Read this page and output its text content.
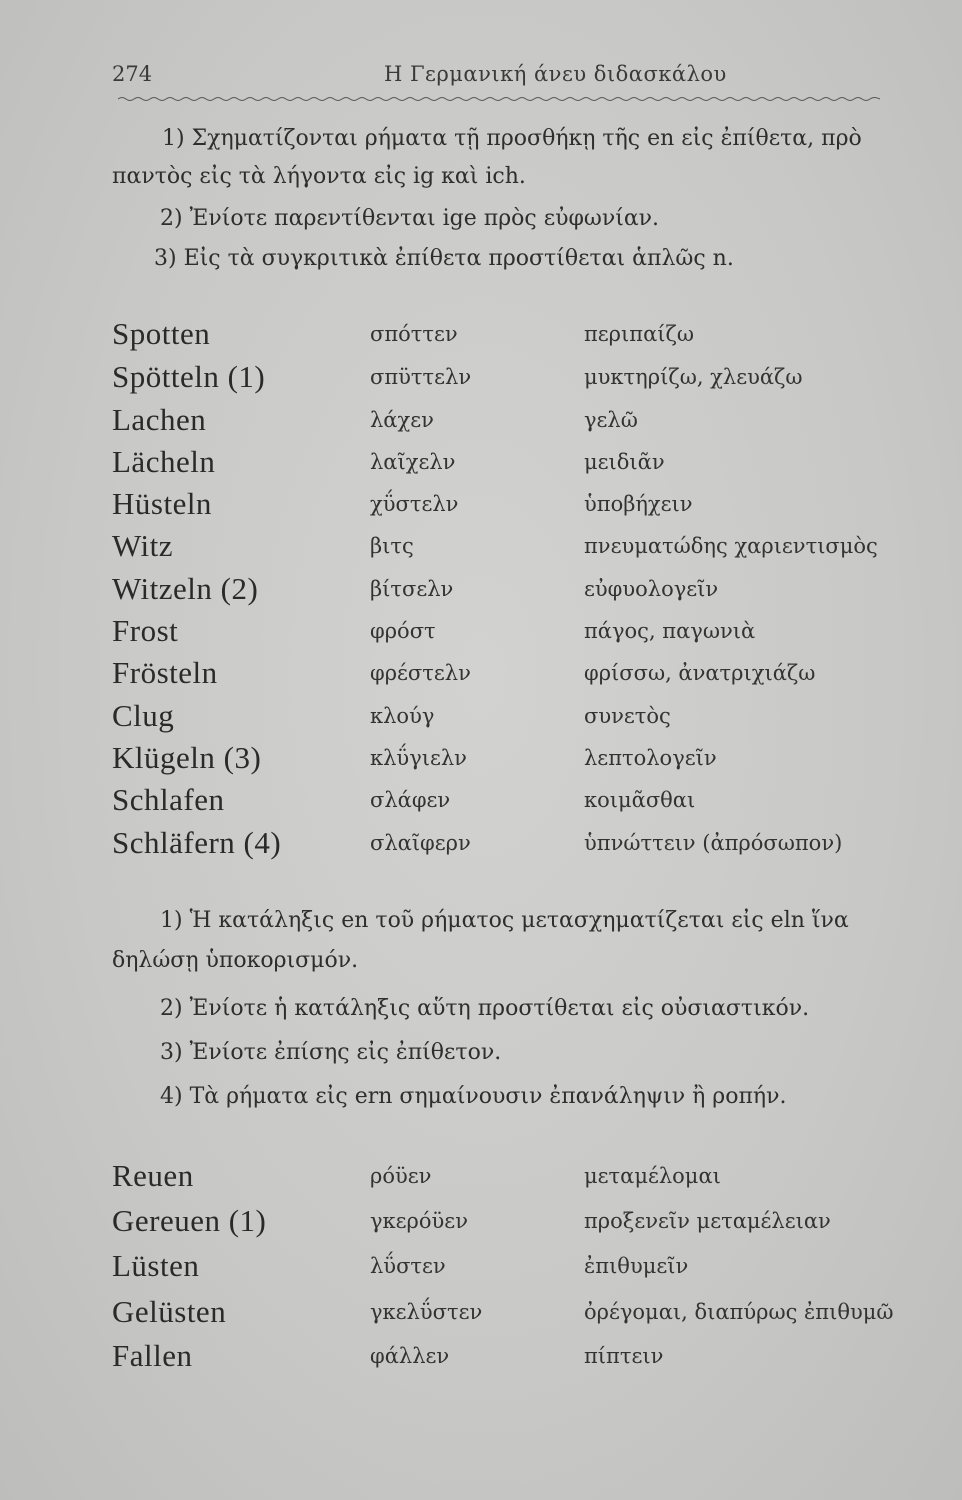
274	Η Γερμανική άνευ διδασκάλου
1) Σχηματίζονται ρήματα τῇ προσθήκῃ τῆς en εἰς ἐπίθετα, πρὸ
παντὸς εἰς τὰ λήγοντα εἰς ig καὶ ich.
2) Ἐνίοτε παρεντίθενται ige πρὸς εὐφωνίαν.
3) Εἰς τὰ συγκριτικὰ ἐπίθετα προστίθεται ἁπλῶς n.
Spotten	σπόττεν	περιπαίζω
Spötteln (1)	σπϋττελν	μυκτηρίζω, χλευάζω
Lachen	λάχεν	γελῶ
Lächeln	λαῖχελν	μειδιᾶν
Hüsteln	χΰστελν	ὑποβήχειν
Witz	βιτς	πνευματώδης χαριεντισμὸς
Witzeln (2)	βίτσελν	εὐφυολογεῖν
Frost	φρόστ	πάγος, παγωνιὰ
Frösteln	φρέστελν	φρίσσω, ἀνατριχιάζω
Clug	κλούγ	συνετὸς
Klügeln (3)	κλΰγιελν	λεπτολογεῖν
Schlafen	σλάφεν	κοιμᾶσθαι
Schläfern (4)	σλαῖφερν	ὑπνώττειν (ἀπρόσωπον)
1) Ἡ κατάληξις en τοῦ ρήματος μετασχηματίζεται εἰς eln ἵνα
δηλώσῃ ὑποκορισμόν.
2) Ἐνίοτε ἡ κατάληξις αὕτη προστίθεται εἰς οὐσιαστικόν.
3) Ἐνίοτε ἐπίσης εἰς ἐπίθετον.
4) Τὰ ρήματα εἰς ern σημαίνουσιν ἐπανάληψιν ἢ ροπήν.
Reuen	ρόϋεν	μεταμέλομαι
Gereuen (1)	γκερόϋεν	προξενεῖν μεταμέλειαν
Lüsten	λΰστεν	ἐπιθυμεῖν
Gelüsten	γκελΰστεν	ὀρέγομαι, διαπύρως ἐπιθυμῶ
Fallen	φάλλεν	πίπτειν
